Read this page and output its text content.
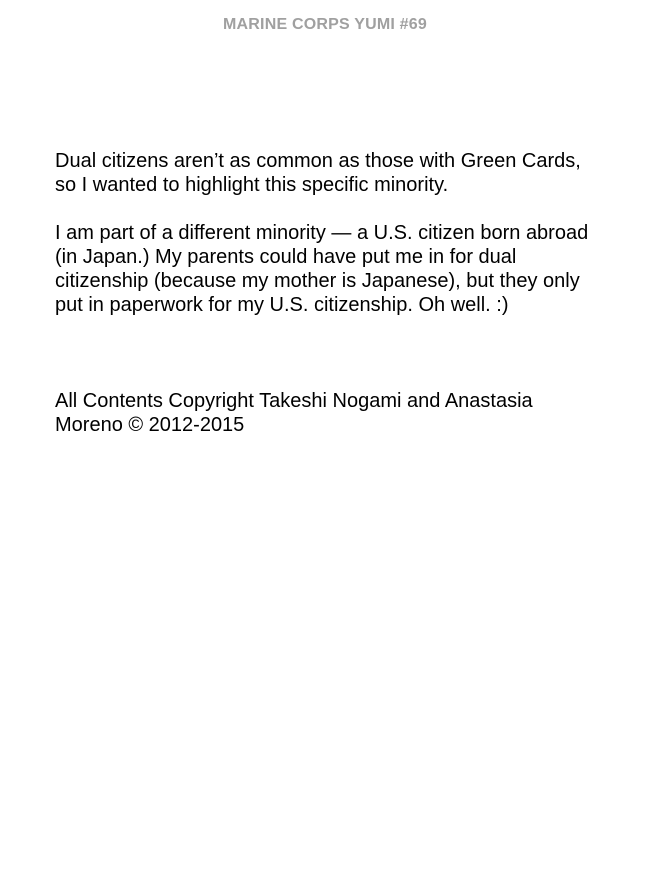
MARINE CORPS YUMI #69
Dual citizens aren’t as common as those with Green Cards, so I wanted to highlight this specific minority.
I am part of a different minority — a U.S. citizen born abroad (in Japan.) My parents could have put me in for dual citizenship (because my mother is Japanese), but they only put in paperwork for my U.S. citizenship. Oh well. :)
All Contents Copyright Takeshi Nogami and Anastasia Moreno © 2012-2015
